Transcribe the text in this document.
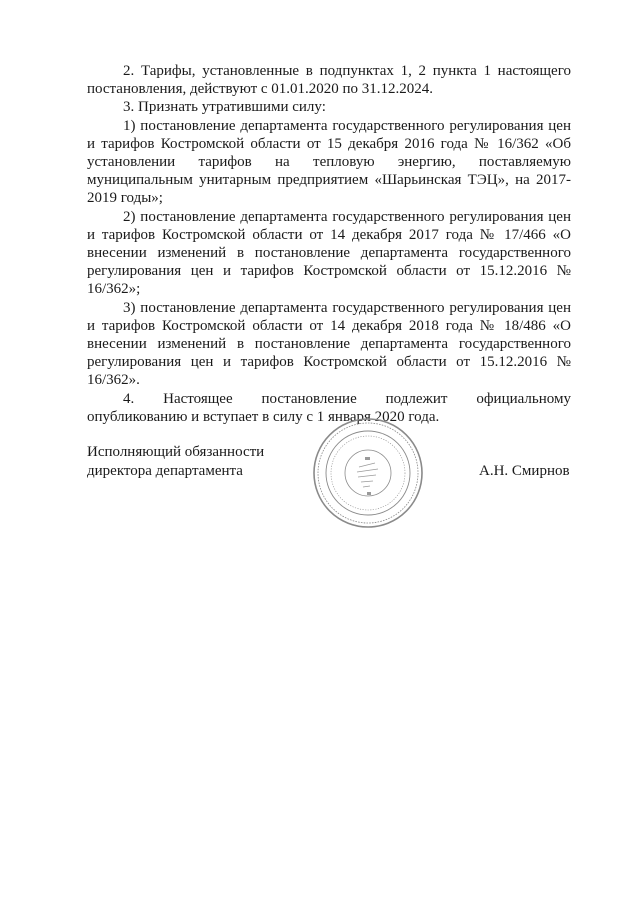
2. Тарифы, установленные в подпунктах 1, 2 пункта 1 настоящего постановления, действуют с 01.01.2020 по 31.12.2024.

3. Признать утратившими силу:

1) постановление департамента государственного регулирования цен и тарифов Костромской области от 15 декабря 2016 года № 16/362 «Об установлении тарифов на тепловую энергию, поставляемую муниципальным унитарным предприятием «Шарьинская ТЭЦ», на 2017-2019 годы»;

2) постановление департамента государственного регулирования цен и тарифов Костромской области от 14 декабря 2017 года № 17/466 «О внесении изменений в постановление департамента государственного регулирования цен и тарифов Костромской области от 15.12.2016 № 16/362»;

3) постановление департамента государственного регулирования цен и тарифов Костромской области от 14 декабря 2018 года № 18/486 «О внесении изменений в постановление департамента государственного регулирования цен и тарифов Костромской области от 15.12.2016 № 16/362».

4. Настоящее постановление подлежит официальному опубликованию и вступает в силу с 1 января 2020 года.

Исполняющий обязанности
директора департамента	А.Н. Смирнов
